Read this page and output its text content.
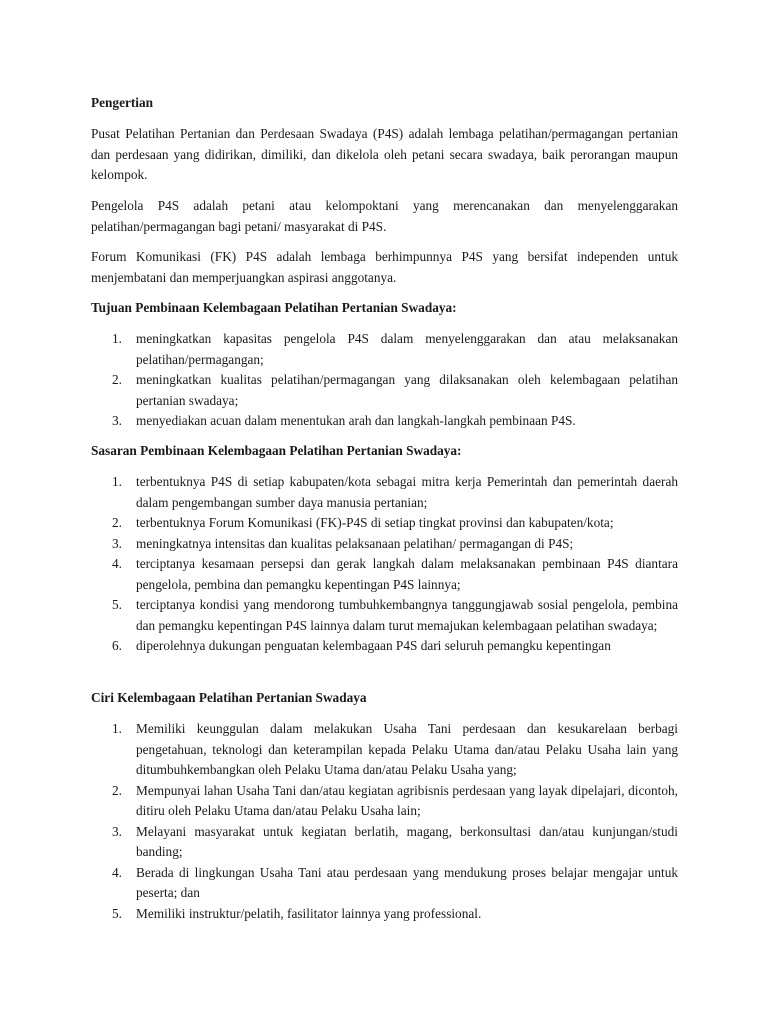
Pengertian
Pusat Pelatihan Pertanian dan Perdesaan Swadaya (P4S) adalah lembaga pelatihan/permagangan pertanian dan perdesaan yang didirikan, dimiliki, dan dikelola oleh petani secara swadaya, baik perorangan maupun kelompok.
Pengelola P4S adalah petani atau kelompoktani yang merencanakan dan menyelenggarakan pelatihan/permagangan bagi petani/ masyarakat di P4S.
Forum Komunikasi (FK) P4S adalah lembaga berhimpunnya P4S yang bersifat independen untuk menjembatani dan memperjuangkan aspirasi anggotanya.
Tujuan Pembinaan Kelembagaan Pelatihan Pertanian Swadaya:
1. meningkatkan kapasitas pengelola P4S dalam menyelenggarakan dan atau melaksanakan pelatihan/permagangan;
2. meningkatkan kualitas pelatihan/permagangan yang dilaksanakan oleh kelembagaan pelatihan pertanian swadaya;
3. menyediakan acuan dalam menentukan arah dan langkah-langkah pembinaan P4S.
Sasaran Pembinaan Kelembagaan Pelatihan Pertanian Swadaya:
1. terbentuknya P4S di setiap kabupaten/kota sebagai mitra kerja Pemerintah dan pemerintah daerah dalam pengembangan sumber daya manusia pertanian;
2. terbentuknya Forum Komunikasi (FK)-P4S di setiap tingkat provinsi dan kabupaten/kota;
3. meningkatnya intensitas dan kualitas pelaksanaan pelatihan/ permagangan di P4S;
4. terciptanya kesamaan persepsi dan gerak langkah dalam melaksanakan pembinaan P4S diantara pengelola, pembina dan pemangku kepentingan P4S lainnya;
5. terciptanya kondisi yang mendorong tumbuhkembangnya tanggungjawab sosial pengelola, pembina dan pemangku kepentingan P4S lainnya dalam turut memajukan kelembagaan pelatihan swadaya;
6. diperolehnya dukungan penguatan kelembagaan P4S dari seluruh pemangku kepentingan
Ciri Kelembagaan Pelatihan Pertanian Swadaya
1. Memiliki keunggulan dalam melakukan Usaha Tani perdesaan dan kesukarelaan berbagi pengetahuan, teknologi dan keterampilan kepada Pelaku Utama dan/atau Pelaku Usaha lain yang ditumbuhkembangkan oleh Pelaku Utama dan/atau Pelaku Usaha yang;
2. Mempunyai lahan Usaha Tani dan/atau kegiatan agribisnis perdesaan yang layak dipelajari, dicontoh, ditiru oleh Pelaku Utama dan/atau Pelaku Usaha lain;
3. Melayani masyarakat untuk kegiatan berlatih, magang, berkonsultasi dan/atau kunjungan/studi banding;
4. Berada di lingkungan Usaha Tani atau perdesaan yang mendukung proses belajar mengajar untuk peserta; dan
5. Memiliki instruktur/pelatih, fasilitator lainnya yang professional.
